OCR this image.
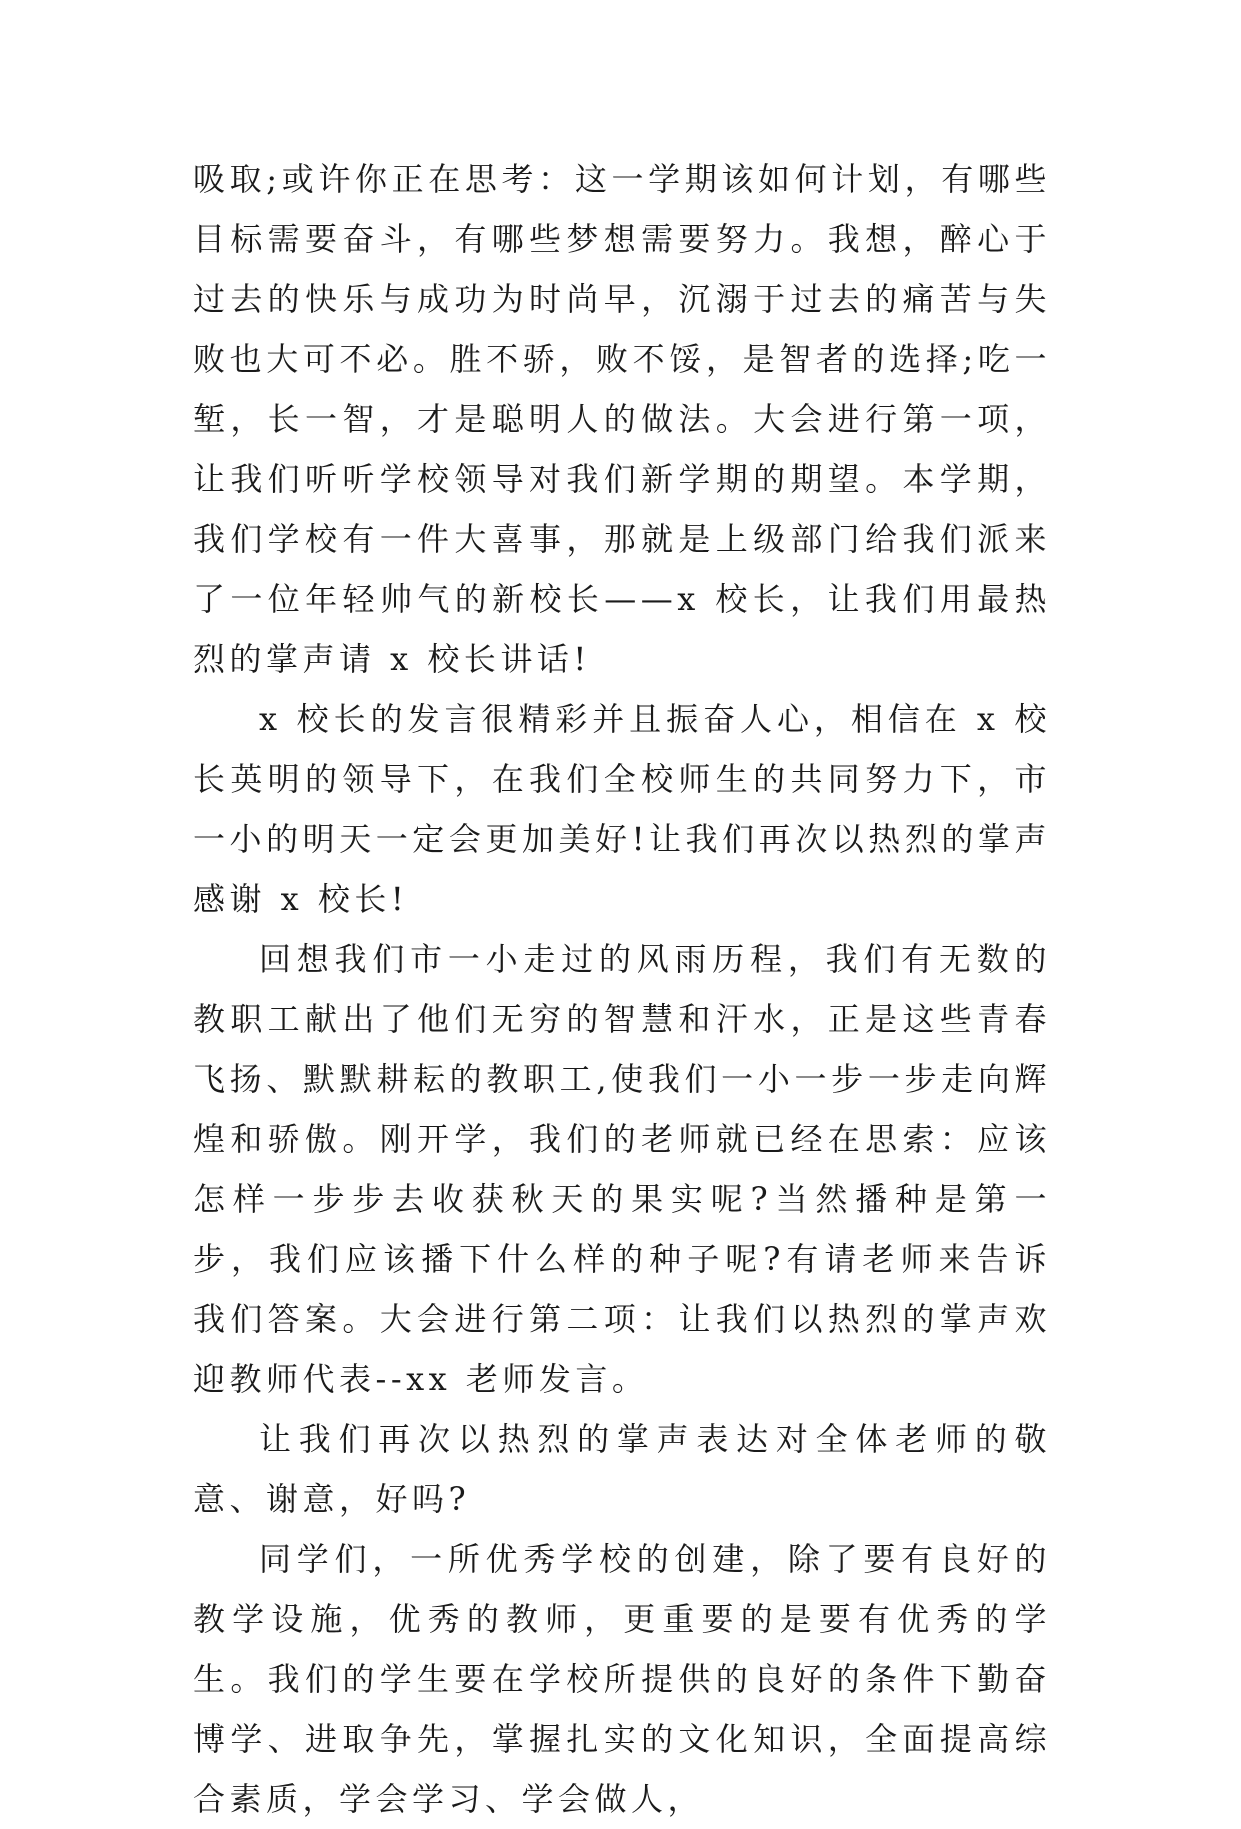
吸取;或许你正在思考：这一学期该如何计划，有哪些目标需要奋斗，有哪些梦想需要努力。我想，醉心于过去的快乐与成功为时尚早，沉溺于过去的痛苦与失败也大可不必。胜不骄，败不馁，是智者的选择;吃一堑，长一智，才是聪明人的做法。大会进行第一项，让我们听听学校领导对我们新学期的期望。本学期，我们学校有一件大喜事，那就是上级部门给我们派来了一位年轻帅气的新校长——x 校长，让我们用最热烈的掌声请 x 校长讲话!

x 校长的发言很精彩并且振奋人心，相信在 x 校长英明的领导下，在我们全校师生的共同努力下，市一小的明天一定会更加美好!让我们再次以热烈的掌声感谢 x 校长!

回想我们市一小走过的风雨历程，我们有无数的教职工献出了他们无穷的智慧和汗水，正是这些青春飞扬、默默耕耘的教职工,使我们一小一步一步走向辉煌和骄傲。刚开学，我们的老师就已经在思索：应该怎样一步步去收获秋天的果实呢?当然播种是第一步，我们应该播下什么样的种子呢?有请老师来告诉我们答案。大会进行第二项：让我们以热烈的掌声欢迎教师代表--xx 老师发言。

让我们再次以热烈的掌声表达对全体老师的敬意、谢意，好吗?

同学们，一所优秀学校的创建，除了要有良好的教学设施，优秀的教师，更重要的是要有优秀的学生。我们的学生要在学校所提供的良好的条件下勤奋博学、进取争先，掌握扎实的文化知识，全面提高综合素质，学会学习、学会做人，
